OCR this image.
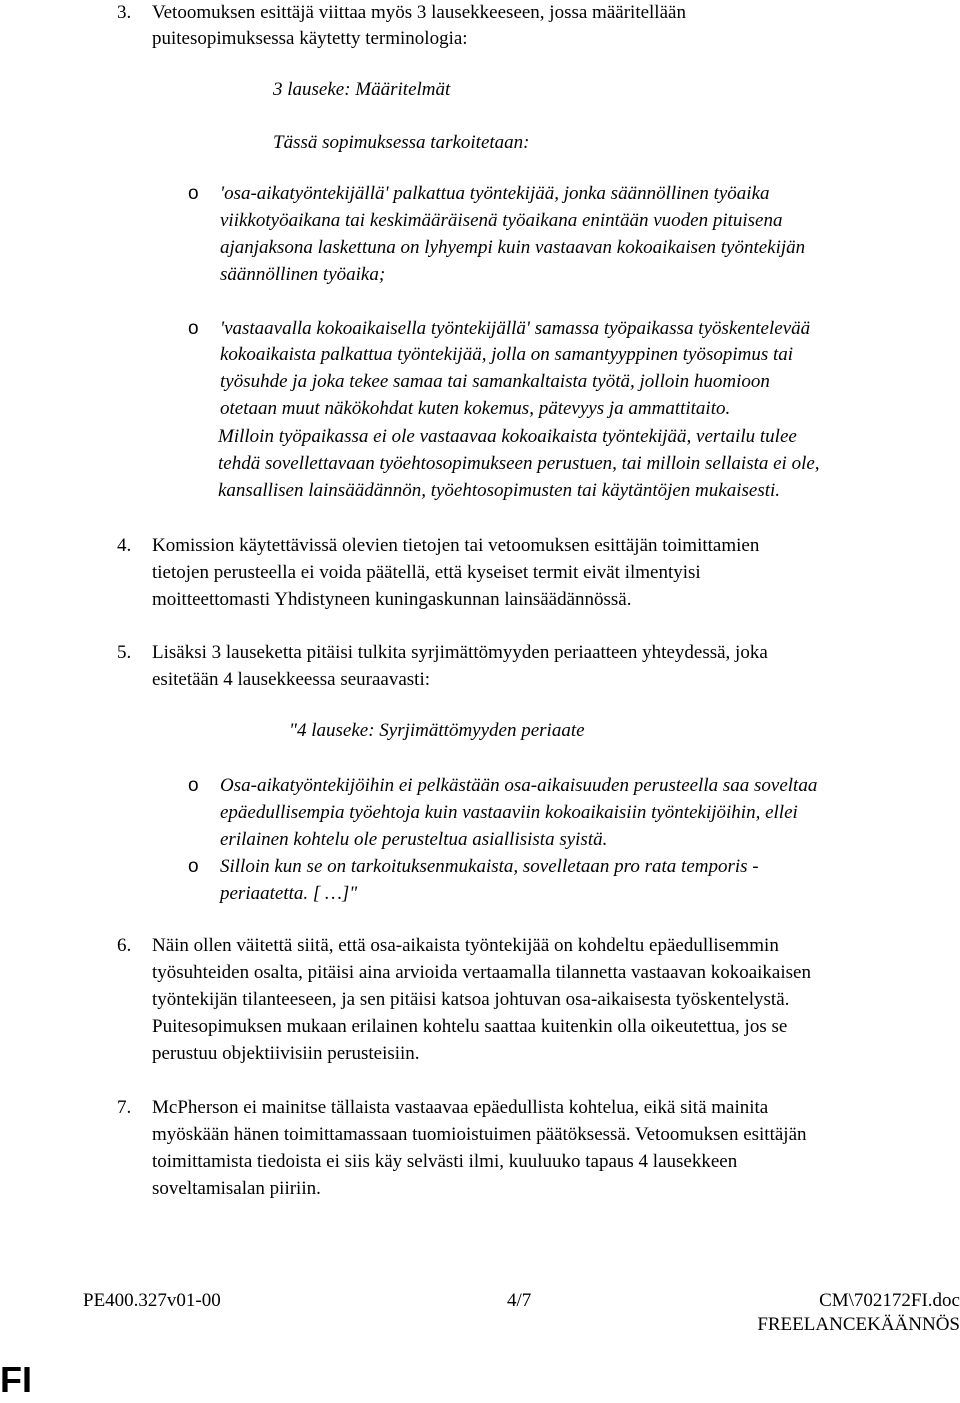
3. Vetoomuksen esittäjä viittaa myös 3 lausekkeeseen, jossa määritellään
puitesopimuksessa käytetty terminologia:
3 lauseke: Määritelmät
Tässä sopimuksessa tarkoitetaan:
o 'osa-aikatyöntekijällä' palkattua työntekijää, jonka säännöllinen työaika
viikkotyöaikana tai keskimääräisenä työaikana enintään vuoden pituisena
ajanjaksona laskettuna on lyhyempi kuin vastaavan kokoaikaisen työntekijän
säännöllinen työaika;
o 'vastaavalla kokoaikaisella työntekijällä' samassa työpaikassa työskentelevää
kokoaikaista palkattua työntekijää, jolla on samantyyppinen työsopimus tai
työsuhde ja joka tekee samaa tai samankaltaista työtä, jolloin huomioon
otetaan muut näkökohdat kuten kokemus, pätevyys ja ammattitaito.
Milloin työpaikassa ei ole vastaavaa kokoaikaista työntekijää, vertailu tulee
tehdä sovellettavaan työehtosopimukseen perustuen, tai milloin sellaista ei ole,
kansallisen lainsäädännön, työehtosopimusten tai käytäntöjen mukaisesti.
4. Komission käytettävissä olevien tietojen tai vetoomuksen esittäjän toimittamien
tietojen perusteella ei voida päätellä, että kyseiset termit eivät ilmentyisi
moitteettomasti Yhdistyneen kuningaskunnan lainsäädännössä.
5. Lisäksi 3 lauseketta pitäisi tulkita syrjimättömyyden periaatteen yhteydessä, joka
esitetään 4 lausekkeessa seuraavasti:
"4 lauseke: Syrjimättömyyden periaate
o Osa-aikatyöntekijöihin ei pelkästään osa-aikaisuuden perusteella saa soveltaa
epäedullisempia työehtoja kuin vastaaviin kokoaikaisiin työntekijöihin, ellei
erilainen kohtelu ole perusteltua asiallisista syistä.
o Silloin kun se on tarkoituksenmukaista, sovelletaan pro rata temporis -
periaatetta. [ …]"
6. Näin ollen väitettä siitä, että osa-aikaista työntekijää on kohdeltu epäedullisemmin
työsuhteiden osalta, pitäisi aina arvioida vertaamalla tilannetta vastaavan kokoaikaisen
työntekijän tilanteeseen, ja sen pitäisi katsoa johtuvan osa-aikaisesta työskentelystä.
Puitesopimuksen mukaan erilainen kohtelu saattaa kuitenkin olla oikeutettua, jos se
perustuu objektiivisiin perusteisiin.
7. McPherson ei mainitse tällaista vastaavaa epäedullista kohtelua, eikä sitä mainita
myöskään hänen toimittamassaan tuomioistuimen päätöksessä. Vetoomuksen esittäjän
toimittamista tiedoista ei siis käy selvästi ilmi, kuuluuko tapaus 4 lausekkeen
soveltamisalan piiriin.
PE400.327v01-00	4/7	CM\702172FI.doc
FREELANCEKÄÄNNÖS
FI
